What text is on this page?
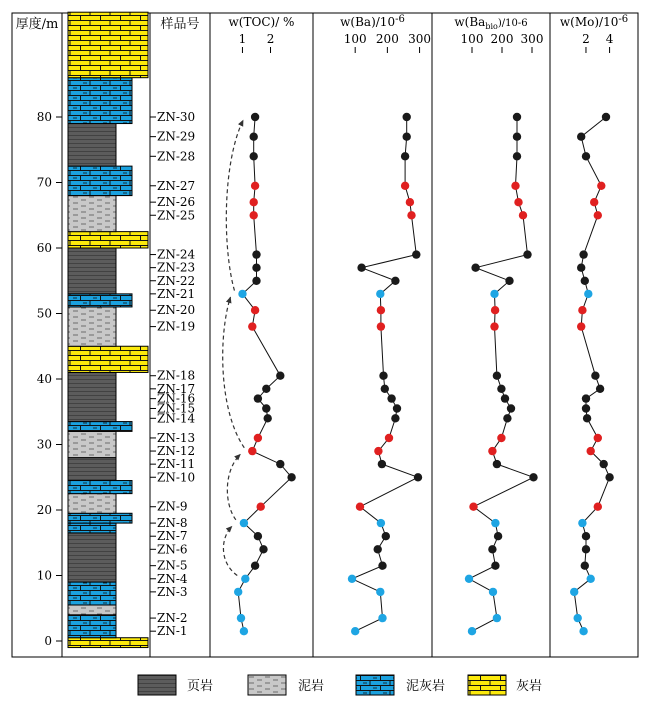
厚度/m	样品号
0
10
20
30
40
50
60
70
80
ZN-1
ZN-2
ZN-3
ZN-4
ZN-5
ZN-6
ZN-7
ZN-8
ZN-9
ZN-10
ZN-11
ZN-12
ZN-13
ZN-14
ZN-15
ZN-16
ZN-17
ZN-18
ZN-19
ZN-20
ZN-21
ZN-22
ZN-23
ZN-24
ZN-25
ZN-26
ZN-27
ZN-28
ZN-29
ZN-30
w(TOC)/ %
1 2
$w(Ba)/10^{-6}$
100 200 300
$w(Ba_{bio}^{)/10-6}$
100 200 300
$w(Mo)/10^{-6}$
2 4
页岩	泥岩	泥灰岩	灰岩
